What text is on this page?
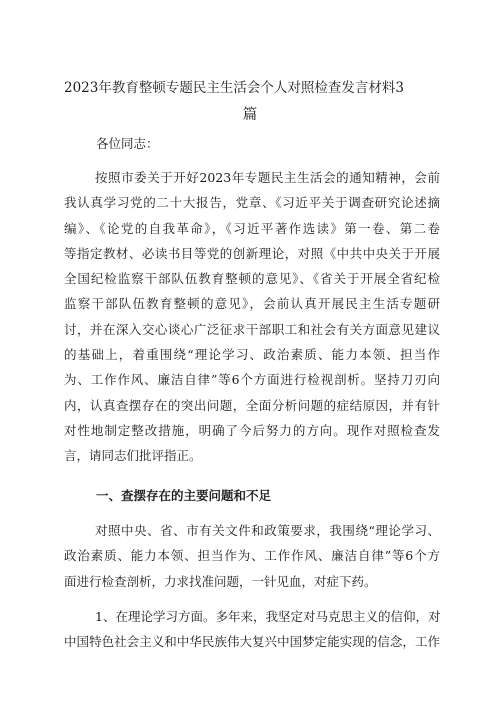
2023年教育整顿专题民主生活会个人对照检查发言材料3
篇
各位同志：
按照市委关于开好2023年专题民主生活会的通知精神，会前
我认真学习党的二十大报告，党章、《习近平关于调查研究论述摘
编》、《论党的自我革命》，《习近平著作选读》第一卷、第二卷
等指定教材、必读书目等党的创新理论，对照《中共中央关于开展
全国纪检监察干部队伍教育整顿的意见》、《省关于开展全省纪检
监察干部队伍教育整顿的意见》，会前认真开展民主生活专题研
讨，并在深入交心谈心广泛征求干部职工和社会有关方面意见建议
的基础上，着重围绕“理论学习、政治素质、能力本领、担当作
为、工作作风、廉洁自律”等6个方面进行检视剖析。坚持刀刃向
内，认真查摆存在的突出问题，全面分析问题的症结原因，并有针
对性地制定整改措施，明确了今后努力的方向。现作对照检查发
言，请同志们批评指正。
一、查摆存在的主要问题和不足
对照中央、省、市有关文件和政策要求，我围绕“理论学习、
政治素质、能力本领、担当作为、工作作风、廉洁自律”等6个方
面进行检查剖析，力求找准问题，一针见血，对症下药。
1、在理论学习方面。多年来，我坚定对马克思主义的信仰，对
中国特色社会主义和中华民族伟大复兴中国梦定能实现的信念，工作
